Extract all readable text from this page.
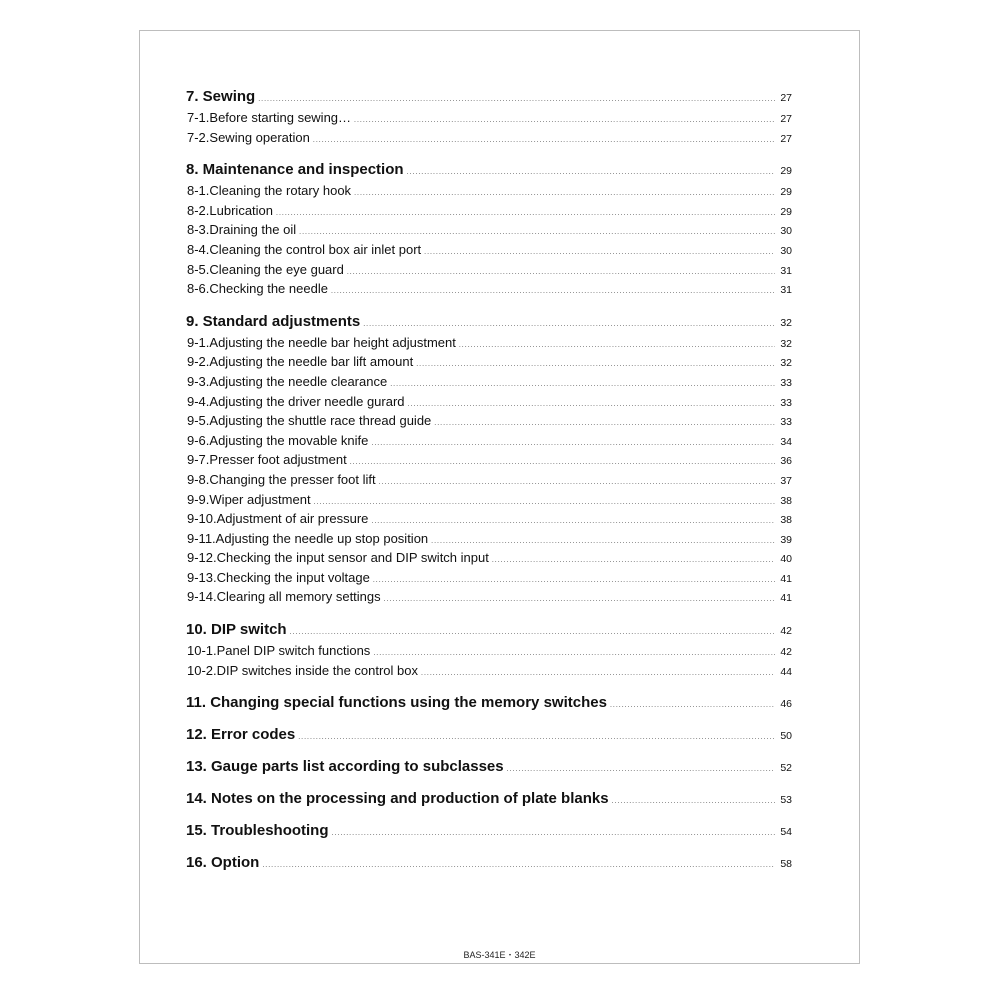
7. Sewing .....	27
7-1. Before starting sewing… .....	27
7-2. Sewing operation .....	27
8. Maintenance and inspection .....	29
8-1. Cleaning the rotary hook .....	29
8-2. Lubrication .....	29
8-3. Draining the oil .....	30
8-4. Cleaning the control box air inlet port .....	30
8-5. Cleaning the eye guard .....	31
8-6. Checking the needle .....	31
9. Standard adjustments .....	32
9-1. Adjusting the needle bar height adjustment .....	32
9-2. Adjusting the needle bar lift amount .....	32
9-3. Adjusting the needle clearance .....	33
9-4. Adjusting the driver needle gurard .....	33
9-5. Adjusting the shuttle race thread guide .....	33
9-6. Adjusting the movable knife .....	34
9-7. Presser foot adjustment .....	36
9-8. Changing the presser foot lift .....	37
9-9. Wiper adjustment .....	38
9-10. Adjustment of air pressure .....	38
9-11. Adjusting the needle up stop position .....	39
9-12. Checking the input sensor and DIP switch input .....	40
9-13. Checking the input voltage .....	41
9-14. Clearing all memory settings .....	41
10. DIP switch .....	42
10-1. Panel DIP switch functions .....	42
10-2. DIP switches inside the control box .....	44
11. Changing special functions using the memory switches .....	46
12. Error codes .....	50
13. Gauge parts list according to subclasses .....	52
14. Notes on the processing and production of plate blanks .....	53
15. Troubleshooting .....	54
16. Option .....	58
BAS-341E・342E
